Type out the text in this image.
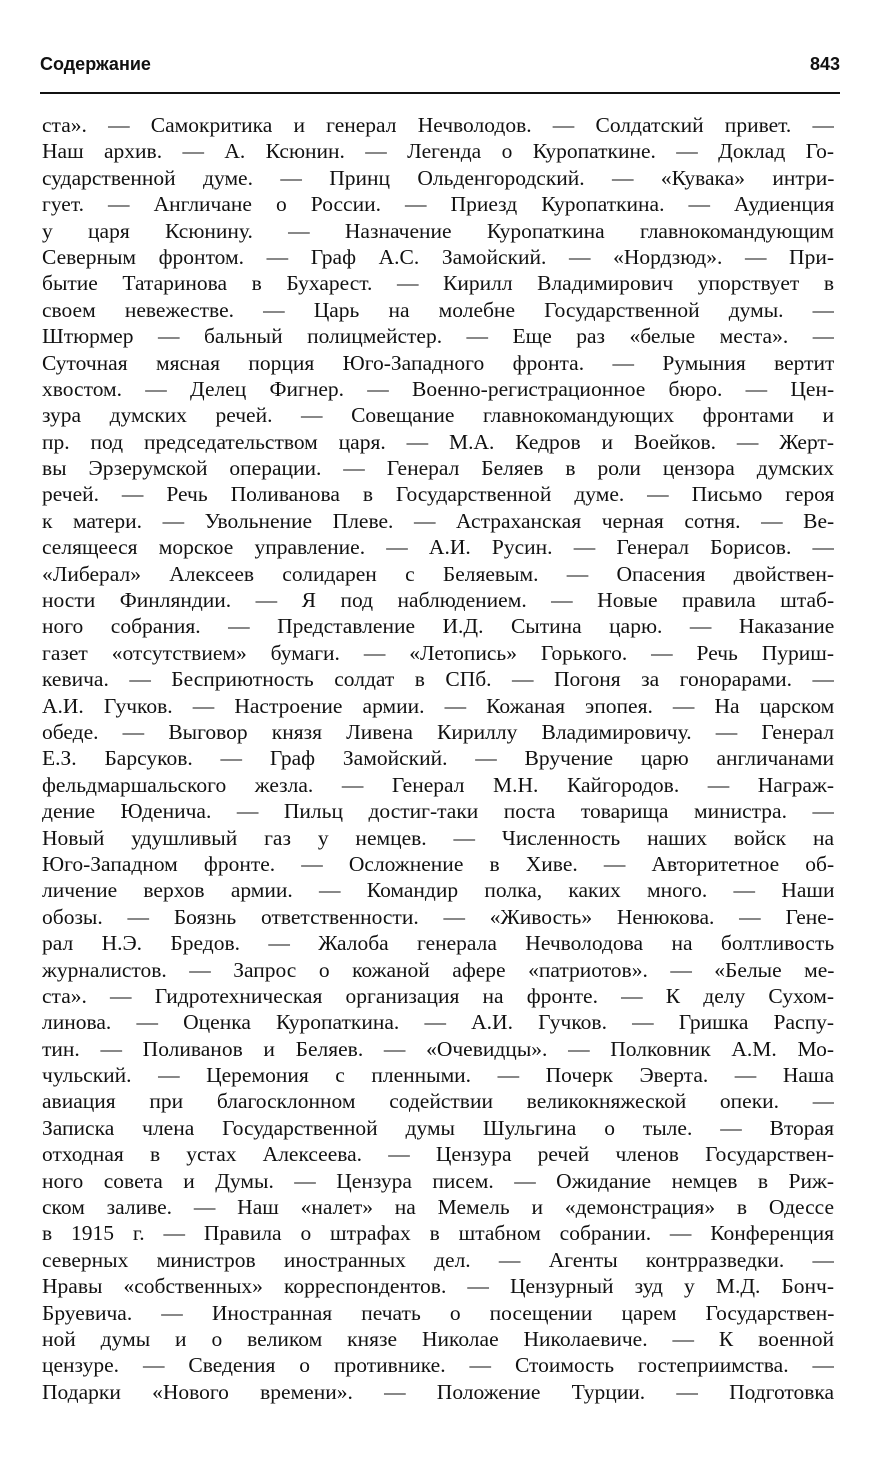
Содержание	843
ста». — Самокритика и генерал Нечволодов. — Солдатский привет. —
Наш архив. — А. Ксюнин. — Легенда о Куропаткине. — Доклад Го-
сударственной думе. — Принц Ольденгородский. — «Кувака» интри-
гует. — Англичане о России. — Приезд Куропаткина. — Аудиенция
у царя Ксюнину. — Назначение Куропаткина главнокомандующим
Северным фронтом. — Граф А.С. Замойский. — «Нордзюд». — При-
бытие Татаринова в Бухарест. — Кирилл Владимирович упорствует в
своем невежестве. — Царь на молебне Государственной думы. —
Штюрмер — бальный полицмейстер. — Еще раз «белые места». —
Суточная мясная порция Юго-Западного фронта. — Румыния вертит
хвостом. — Делец Фигнер. — Военно-регистрационное бюро. — Цен-
зура думских речей. — Совещание главнокомандующих фронтами и
пр. под председательством царя. — М.А. Кедров и Воейков. — Жерт-
вы Эрзерумской операции. — Генерал Беляев в роли цензора думских
речей. — Речь Поливанова в Государственной думе. — Письмо героя
к матери. — Увольнение Плеве. — Астраханская черная сотня. — Ве-
селящееся морское управление. — А.И. Русин. — Генерал Борисов. —
«Либерал» Алексеев солидарен с Беляевым. — Опасения двойствен-
ности Финляндии. — Я под наблюдением. — Новые правила штаб-
ного собрания. — Представление И.Д. Сытина царю. — Наказание
газет «отсутствием» бумаги. — «Летопись» Горького. — Речь Пуриш-
кевича. — Бесприютность солдат в СПб. — Погоня за гонорарами. —
А.И. Гучков. — Настроение армии. — Кожаная эпопея. — На царском
обеде. — Выговор князя Ливена Кириллу Владимировичу. — Генерал
Е.З. Барсуков. — Граф Замойский. — Вручение царю англичанами
фельдмаршальского жезла. — Генерал М.Н. Кайгородов. — Награж-
дение Юденича. — Пильц достиг-таки поста товарища министра. —
Новый удушливый газ у немцев. — Численность наших войск на
Юго-Западном фронте. — Осложнение в Хиве. — Авторитетное об-
личение верхов армии. — Командир полка, каких много. — Наши
обозы. — Боязнь ответственности. — «Живость» Ненюкова. — Гене-
рал Н.Э. Бредов. — Жалоба генерала Нечволодова на болтливость
журналистов. — Запрос о кожаной афере «патриотов». — «Белые ме-
ста». — Гидротехническая организация на фронте. — К делу Сухом-
линова. — Оценка Куропаткина. — А.И. Гучков. — Гришка Распу-
тин. — Поливанов и Беляев. — «Очевидцы». — Полковник А.М. Мо-
чульский. — Церемония с пленными. — Почерк Эверта. — Наша
авиация при благосклонном содействии великокняжеской опеки. —
Записка члена Государственной думы Шульгина о тыле. — Вторая
отходная в устах Алексеева. — Цензура речей членов Государствен-
ного совета и Думы. — Цензура писем. — Ожидание немцев в Риж-
ском заливе. — Наш «налет» на Мемель и «демонстрация» в Одессе
в 1915 г. — Правила о штрафах в штабном собрании. — Конференция
северных министров иностранных дел. — Агенты контрразведки. —
Нравы «собственных» корреспондентов. — Цензурный зуд у М.Д. Бонч-
Бруевича. — Иностранная печать о посещении царем Государствен-
ной думы и о великом князе Николае Николаевиче. — К военной
цензуре. — Сведения о противнике. — Стоимость гостеприимства. —
Подарки «Нового времени». — Положение Турции. — Подготовка
